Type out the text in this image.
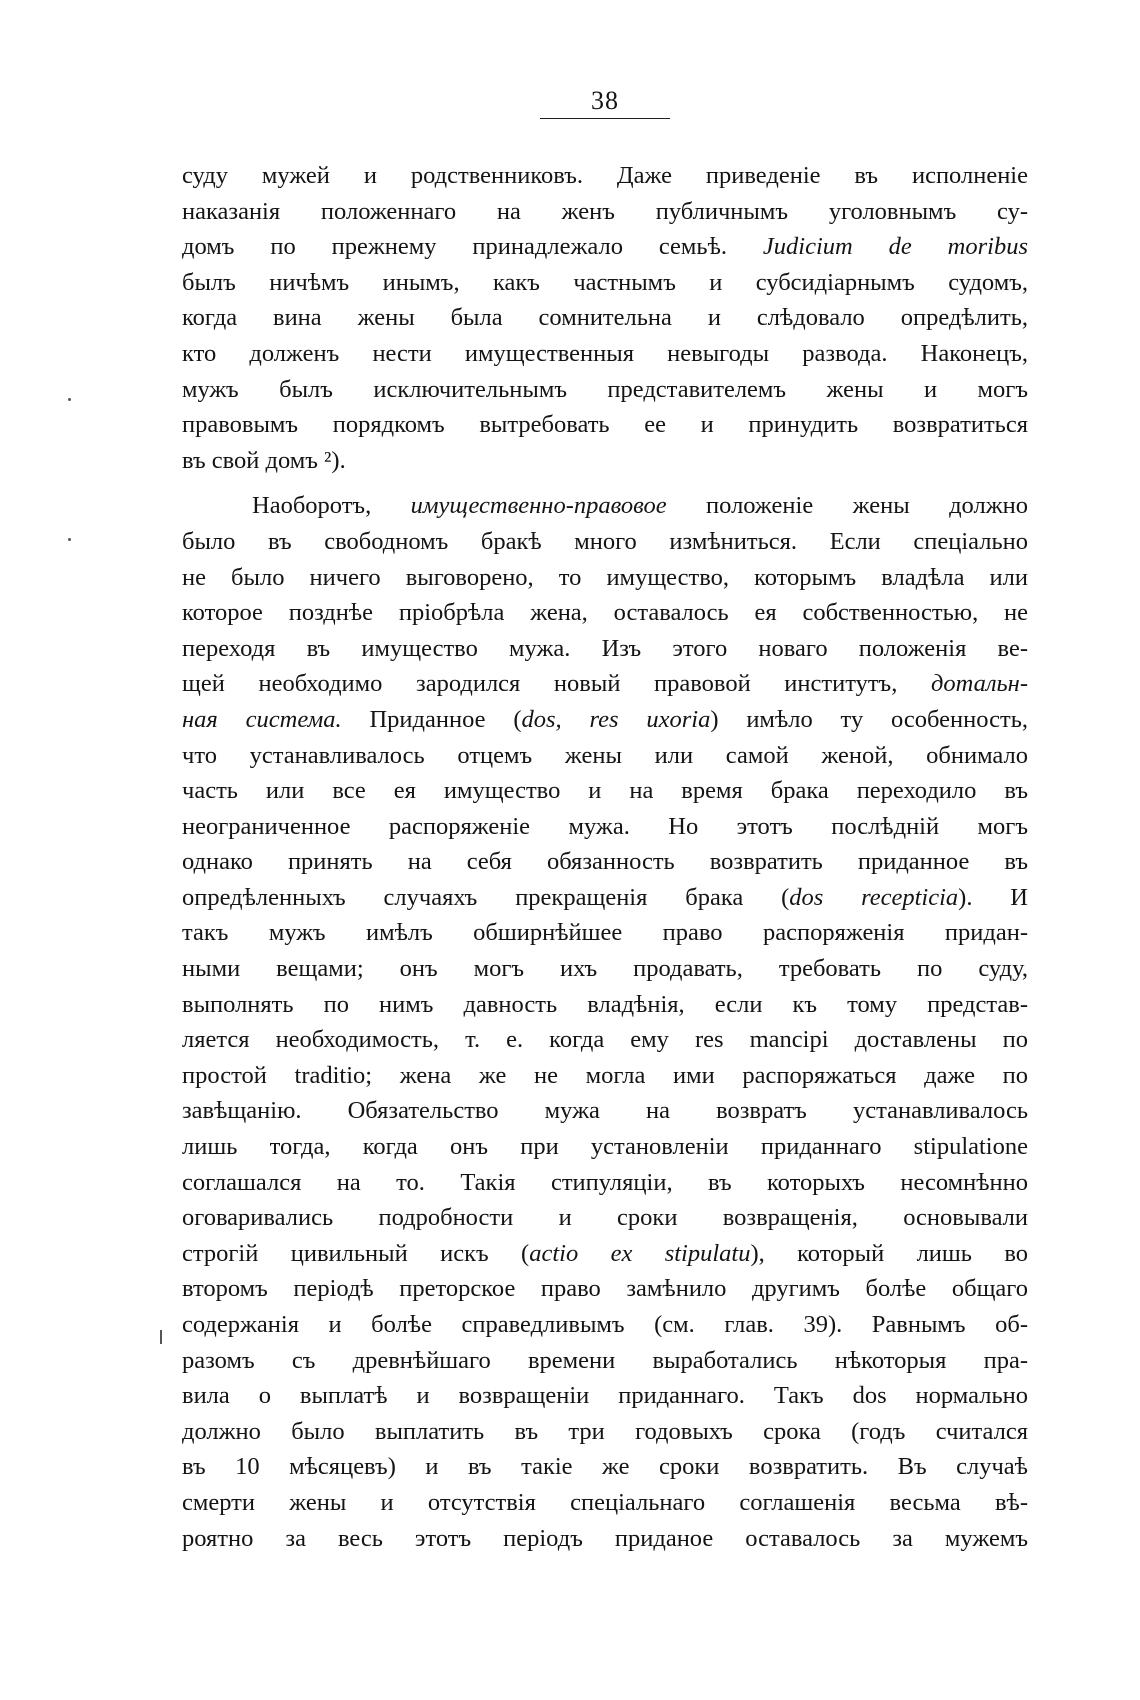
38
суду мужей и родственниковъ. Даже приведеніе въ исполненіе
наказанія положеннаго на женъ публичнымъ уголовнымъ су-
домъ по прежнему принадлежало семьѣ. Judicium de moribus
былъ ничѣмъ инымъ, какъ частнымъ и субсидіарнымъ судомъ,
когда вина жены была сомнительна и слѣдовало опредѣлить,
кто долженъ нести имущественныя невыгоды развода. Наконецъ,
мужъ былъ исключительнымъ представителемъ жены и могъ
правовымъ порядкомъ вытребовать ее и принудить возвратиться
въ свой домъ ²).
Наоборотъ, имущественно-правовое положеніе жены должно
было въ свободномъ бракѣ много измѣниться. Если спеціально
не было ничего выговорено, то имущество, которымъ владѣла или
которое позднѣе пріобрѣла жена, оставалось ея собственностью, не
переходя въ имущество мужа. Изъ этого новаго положенія ве-
щей необходимо зародился новый правовой институтъ, дотальн-
ная система. Приданное (dos, res uxoria) имѣло ту особенность,
что устанавливалось отцемъ жены или самой женой, обнимало
часть или все ея имущество и на время брака переходило въ
неограниченное распоряженіе мужа. Но этотъ послѣдній могъ
однако принять на себя обязанность возвратить приданное въ
опредѣленныхъ случаяхъ прекращенія брака (dos recepticia). И
такъ мужъ имѣлъ обширнѣйшее право распоряженія придан-
ными вещами; онъ могъ ихъ продавать, требовать по суду,
выполнять по нимъ давность владѣнія, если къ тому представ-
ляется необходимость, т. е. когда ему res mancipi доставлены по
простой traditio; жена же не могла ими распоряжаться даже по
завѣщанію. Обязательство мужа на возвратъ устанавливалось
лишь тогда, когда онъ при установленіи приданнаго stipulatione
соглашался на то. Такія стипуляціи, въ которыхъ несомнѣнно
оговаривались подробности и сроки возвращенія, основывали
строгій цивильный искъ (actio ex stipulatu), который лишь во
второмъ періодѣ преторское право замѣнило другимъ болѣе общаго
содержанія и болѣе справедливымъ (см. глав. 39). Равнымъ об-
разомъ съ древнѣйшаго времени выработались нѣкоторыя пра-
вила о выплатѣ и возвращеніи приданнаго. Такъ dos нормально
должно было выплатить въ три годовыхъ срока (годъ считался
въ 10 мѣсяцевъ) и въ такіе же сроки возвратить. Въ случаѣ
смерти жены и отсутствія спеціальнаго соглашенія весьма вѣ-
роятно за весь этотъ періодъ приданое оставалось за мужемъ
